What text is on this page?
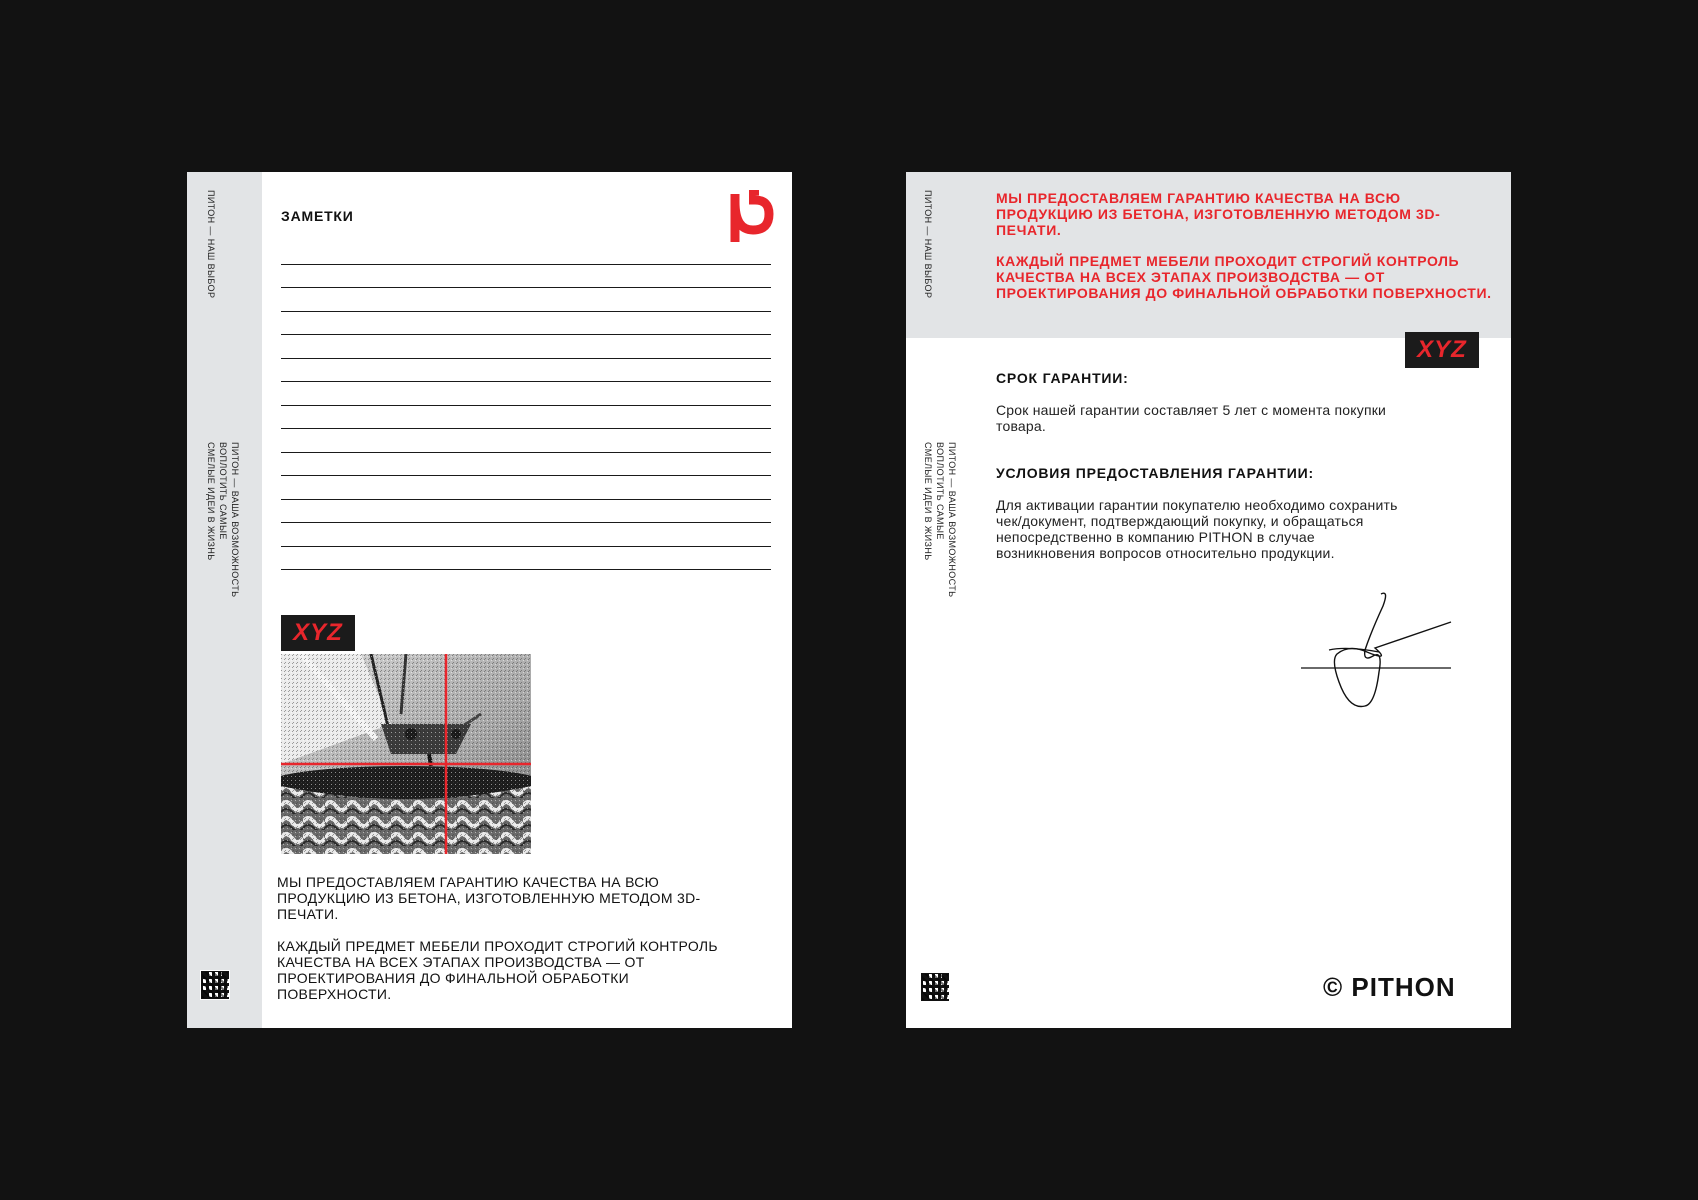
ПИТОН — НАШ ВЫБОР
ПИТОН — ВАША ВОЗМОЖНОСТЬ
ВОПЛОТИТЬ САМЫЕ
СМЕЛЫЕ ИДЕИ В ЖИЗНЬ
ЗАМЕТКИ
XYZ
МЫ ПРЕДОСТАВЛЯЕМ ГАРАНТИЮ КАЧЕСТВА НА ВСЮ ПРОДУКЦИЮ ИЗ БЕТОНА, ИЗГОТОВЛЕННУЮ МЕТОДОМ 3D-ПЕЧАТИ.
КАЖДЫЙ ПРЕДМЕТ МЕБЕЛИ ПРОХОДИТ СТРОГИЙ КОНТРОЛЬ КАЧЕСТВА НА ВСЕХ ЭТАПАХ ПРОИЗВОДСТВА — ОТ ПРОЕКТИРОВАНИЯ ДО ФИНАЛЬНОЙ ОБРАБОТКИ ПОВЕРХНОСТИ.
ПИТОН — НАШ ВЫБОР
ПИТОН — ВАША ВОЗМОЖНОСТЬ
ВОПЛОТИТЬ САМЫЕ
СМЕЛЫЕ ИДЕИ В ЖИЗНЬ
МЫ ПРЕДОСТАВЛЯЕМ ГАРАНТИЮ КАЧЕСТВА НА ВСЮ ПРОДУКЦИЮ ИЗ БЕТОНА, ИЗГОТОВЛЕННУЮ МЕТОДОМ 3D-ПЕЧАТИ.
КАЖДЫЙ ПРЕДМЕТ МЕБЕЛИ ПРОХОДИТ СТРОГИЙ КОНТРОЛЬ КАЧЕСТВА НА ВСЕХ ЭТАПАХ ПРОИЗВОДСТВА — ОТ ПРОЕКТИРОВАНИЯ ДО ФИНАЛЬНОЙ ОБРАБОТКИ ПОВЕРХНОСТИ.
XYZ
СРОК ГАРАНТИИ:
Срок нашей гарантии составляет 5 лет с момента покупки товара.
УСЛОВИЯ ПРЕДОСТАВЛЕНИЯ ГАРАНТИИ:
Для активации гарантии покупателю необходимо сохранить чек/документ, подтверждающий покупку, и обращаться непосредственно в компанию PITHON в случае возникновения вопросов относительно продукции.
© PITHON
